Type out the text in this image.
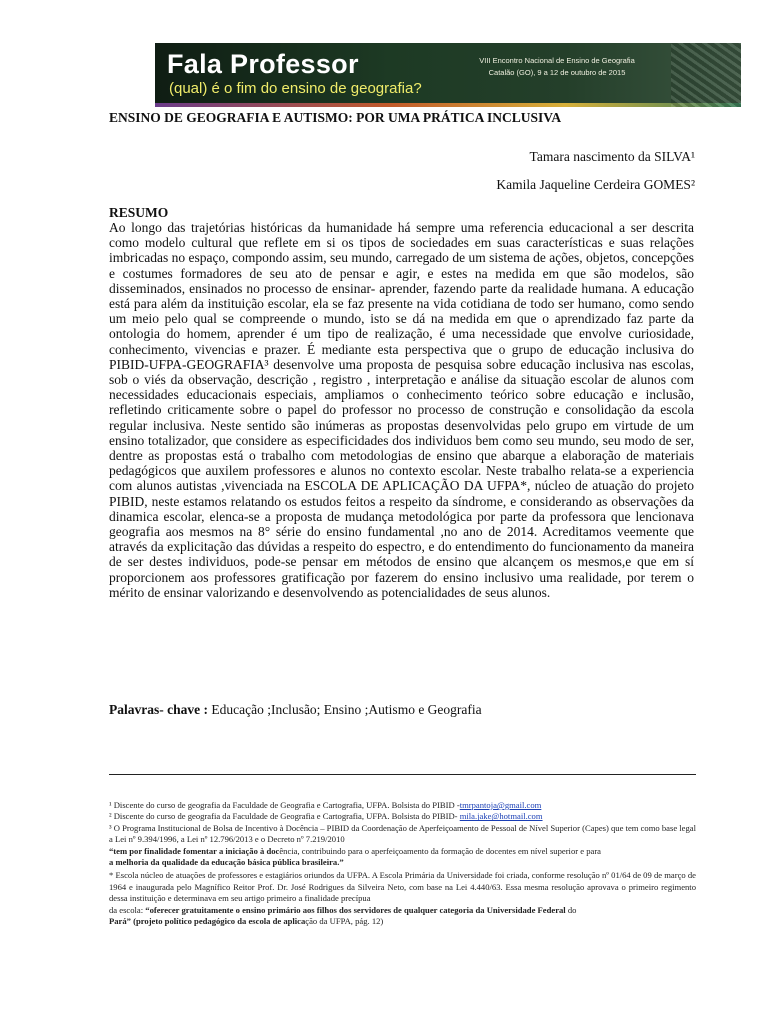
Fala Professor
(qual) é o fim do ensino de geografia?
VIII Encontro Nacional de Ensino de Geografia
Catalão (GO), 9 a 12 de outubro de 2015
ENSINO DE GEOGRAFIA E AUTISMO: POR UMA PRÁTICA INCLUSIVA
Tamara nascimento da SILVA¹
Kamila Jaqueline Cerdeira GOMES²
RESUMO

Ao longo das trajetórias históricas da humanidade há sempre uma referencia educacional a ser descrita como modelo cultural que reflete em si os tipos de sociedades em suas características e suas relações imbricadas no espaço, compondo assim, seu mundo, carregado de um sistema de ações, objetos, concepções e costumes formadores de seu ato de pensar e agir, e estes na medida em que são modelos, são disseminados, ensinados no processo de ensinar- aprender, fazendo parte da realidade humana. A educação está para além da instituição escolar, ela se faz presente na vida cotidiana de todo ser humano, como sendo um meio pelo qual se compreende o mundo, isto se dá na medida em que o aprendizado faz parte da ontologia do homem, aprender é um tipo de realização, é uma necessidade que envolve curiosidade, conhecimento, vivencias e prazer. É mediante esta perspectiva que o grupo de educação inclusiva do PIBID-UFPA-GEOGRAFIA³ desenvolve uma proposta de pesquisa sobre educação inclusiva nas escolas, sob o viés da observação, descrição , registro , interpretação e análise da situação escolar de alunos com necessidades educacionais especiais, ampliamos o conhecimento teórico sobre educação e inclusão, refletindo criticamente sobre o papel do professor no processo de construção e consolidação da escola regular inclusiva. Neste sentido são inúmeras as propostas desenvolvidas pelo grupo em virtude de um ensino totalizador, que considere as especificidades dos individuos bem como seu mundo, seu modo de ser, dentre as propostas está o trabalho com metodologias de ensino que abarque a elaboração de materiais pedagógicos que auxilem professores e alunos no contexto escolar. Neste trabalho relata-se a experiencia com alunos autistas ,vivenciada na ESCOLA DE APLICAÇÃO DA UFPA*, núcleo de atuação do projeto PIBID, neste estamos relatando os estudos feitos a respeito da síndrome, e considerando as observações da dinamica escolar, elenca-se a proposta de mudança metodológica por parte da professora que lencionava geografia aos mesmos na 8° série do ensino fundamental ,no ano de 2014. Acreditamos veemente que através da explicitação das dúvidas a respeito do espectro, e do entendimento do funcionamento da maneira de ser destes individuos, pode-se pensar em métodos de ensino que alcançem os mesmos,e que em sí proporcionem aos professores gratificação por fazerem do ensino inclusivo uma realidade, por terem o mérito de ensinar valorizando e desenvolvendo as potencialidades de seus alunos.

Palavras- chave : Educação ;Inclusão; Ensino ;Autismo e Geografia

¹ Discente do curso de geografia da Faculdade de Geografia e Cartografia, UFPA. Bolsista do PIBID -tmrpantoja@gmail.com

² Discente do curso de geografia da Faculdade de Geografia e Cartografia, UFPA. Bolsista do PIBID- mila.jake@hotmail.com

³ O Programa Institucional de Bolsa de Incentivo à Docência – PIBID da Coordenação de Aperfeiçoamento de Pessoal de Nível Superior (Capes) que tem como base legal a Lei nº 9.394/1996, a Lei nº 12.796/2013 e o Decreto nº 7.219/2010

“tem por finalidade fomentar a iniciação à docência, contribuindo para o aperfeiçoamento da formação de docentes em nível superior e para

a melhoria da qualidade da educação básica pública brasileira.”

* Escola núcleo de atuações de professores e estagiários oriundos da UFPA. A Escola Primária da Universidade foi criada, conforme resolução nº 01/64 de 09 de março de 1964 e inaugurada pelo Magnífico Reitor Prof. Dr. José Rodrigues da Silveira Neto, com base na Lei 4.440/63. Essa mesma resolução aprovava o primeiro regimento dessa instituição e determinava em seu artigo primeiro a finalidade precípua

da escola: “oferecer gratuitamente o ensino primário aos filhos dos servidores de qualquer categoria da Universidade Federal do

Pará” (projeto político pedagógico da escola de aplicação da UFPA, pág. 12)
